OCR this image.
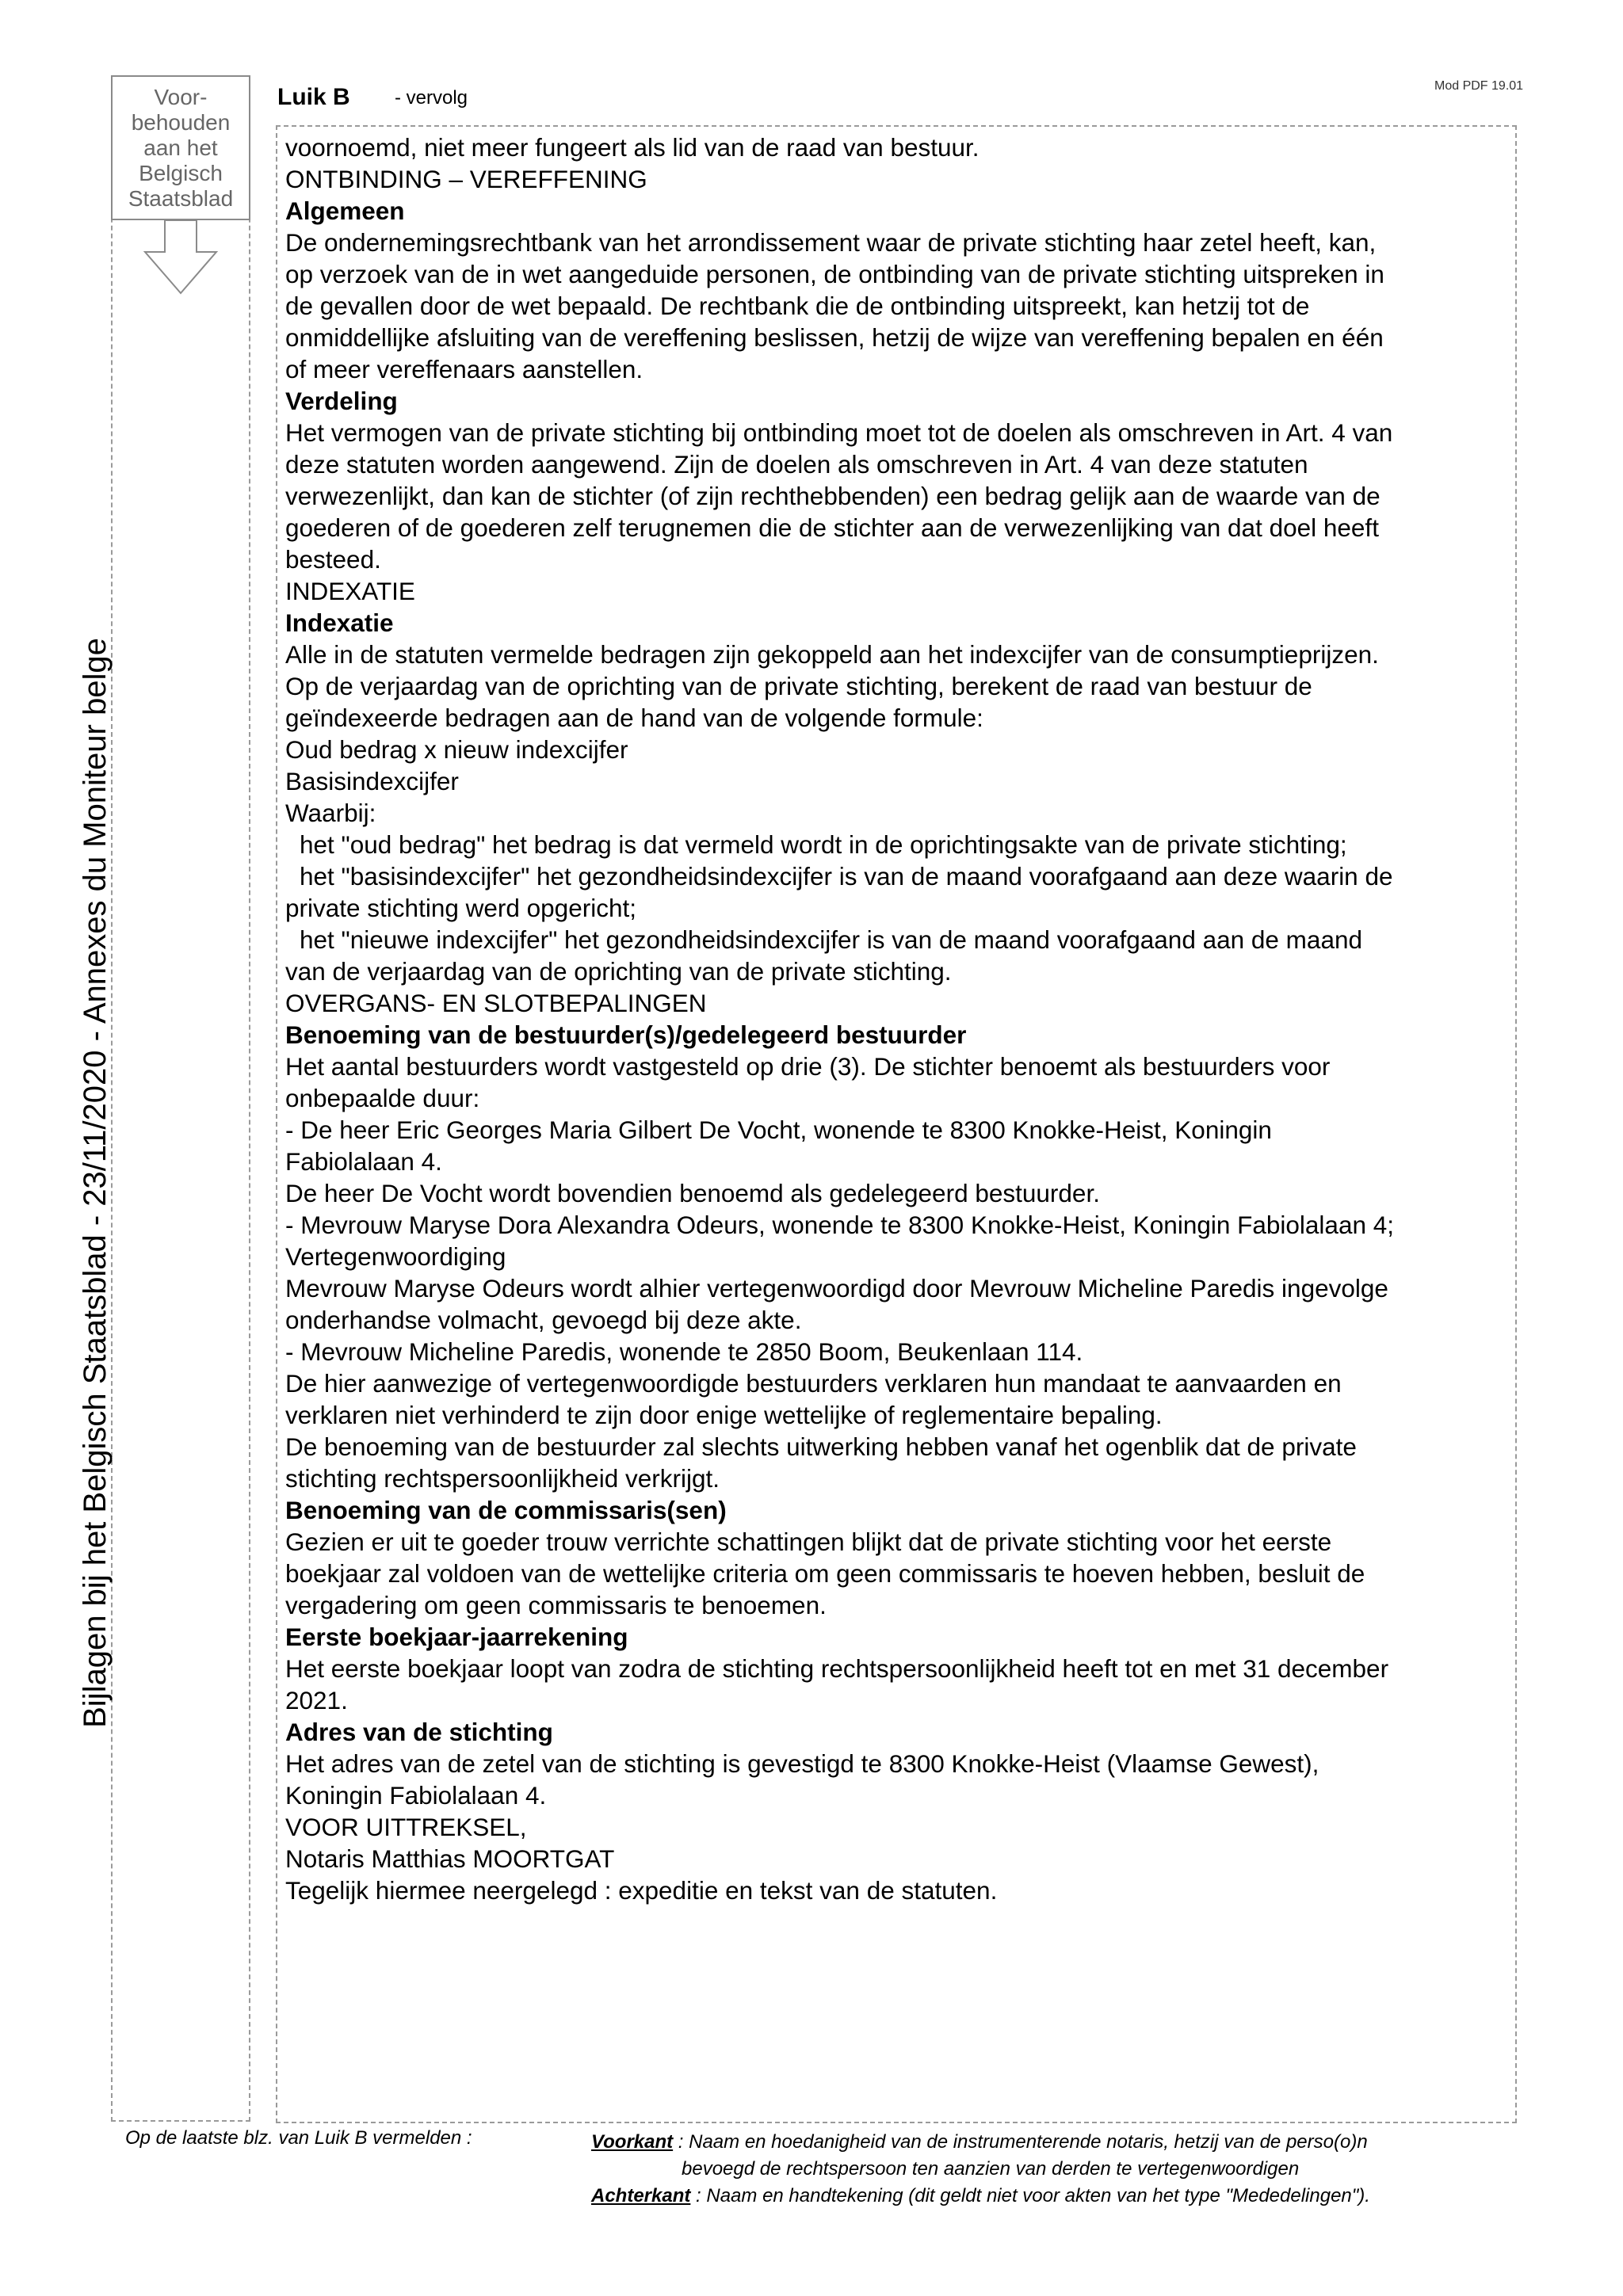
Voor-
behouden
aan het
Belgisch
Staatsblad
Bijlagen bij het Belgisch Staatsblad - 23/11/2020 - Annexes du Moniteur belge
Luik B - vervolg
Mod PDF 19.01
voornoemd, niet meer fungeert als lid van de raad van bestuur.
ONTBINDING – VEREFFENING
Algemeen
De ondernemingsrechtbank van het arrondissement waar de private stichting haar zetel heeft, kan,
op verzoek van de in wet aangeduide personen, de ontbinding van de private stichting uitspreken in
de gevallen door de wet bepaald. De rechtbank die de ontbinding uitspreekt, kan hetzij tot de
onmiddellijke afsluiting van de vereffening beslissen, hetzij de wijze van vereffening bepalen en één
of meer vereffenaars aanstellen.
Verdeling
Het vermogen van de private stichting bij ontbinding moet tot de doelen als omschreven in Art. 4 van
deze statuten worden aangewend. Zijn de doelen als omschreven in Art. 4 van deze statuten
verwezenlijkt, dan kan de stichter (of zijn rechthebbenden) een bedrag gelijk aan de waarde van de
goederen of de goederen zelf terugnemen die de stichter aan de verwezenlijking van dat doel heeft
besteed.
INDEXATIE
Indexatie
Alle in de statuten vermelde bedragen zijn gekoppeld aan het indexcijfer van de consumptieprijzen.
Op de verjaardag van de oprichting van de private stichting, berekent de raad van bestuur de
geïndexeerde bedragen aan de hand van de volgende formule:
Oud bedrag x nieuw indexcijfer
Basisindexcijfer
Waarbij:
het "oud bedrag" het bedrag is dat vermeld wordt in de oprichtingsakte van de private stichting;
het "basisindexcijfer" het gezondheidsindexcijfer is van de maand voorafgaand aan deze waarin de
private stichting werd opgericht;
het "nieuwe indexcijfer" het gezondheidsindexcijfer is van de maand voorafgaand aan de maand
van de verjaardag van de oprichting van de private stichting.
OVERGANS- EN SLOTBEPALINGEN
Benoeming van de bestuurder(s)/gedelegeerd bestuurder
Het aantal bestuurders wordt vastgesteld op drie (3). De stichter benoemt als bestuurders voor
onbepaalde duur:
- De heer Eric Georges Maria Gilbert De Vocht, wonende te 8300 Knokke-Heist, Koningin
Fabiolalaan 4.
De heer De Vocht wordt bovendien benoemd als gedelegeerd bestuurder.
- Mevrouw Maryse Dora Alexandra Odeurs, wonende te 8300 Knokke-Heist, Koningin Fabiolalaan 4;
Vertegenwoordiging
Mevrouw Maryse Odeurs wordt alhier vertegenwoordigd door Mevrouw Micheline Paredis ingevolge
onderhandse volmacht, gevoegd bij deze akte.
- Mevrouw Micheline Paredis, wonende te 2850 Boom, Beukenlaan 114.
De hier aanwezige of vertegenwoordigde bestuurders verklaren hun mandaat te aanvaarden en
verklaren niet verhinderd te zijn door enige wettelijke of reglementaire bepaling.
De benoeming van de bestuurder zal slechts uitwerking hebben vanaf het ogenblik dat de private
stichting rechtspersoonlijkheid verkrijgt.
Benoeming van de commissaris(sen)
Gezien er uit te goeder trouw verrichte schattingen blijkt dat de private stichting voor het eerste
boekjaar zal voldoen van de wettelijke criteria om geen commissaris te hoeven hebben, besluit de
vergadering om geen commissaris te benoemen.
Eerste boekjaar-jaarrekening
Het eerste boekjaar loopt van zodra de stichting rechtspersoonlijkheid heeft tot en met 31 december
2021.
Adres van de stichting
Het adres van de zetel van de stichting is gevestigd te 8300 Knokke-Heist (Vlaamse Gewest),
Koningin Fabiolalaan 4.
VOOR UITTREKSEL,
Notaris Matthias MOORTGAT
Tegelijk hiermee neergelegd : expeditie en tekst van de statuten.
Op de laatste blz. van Luik B vermelden :	Voorkant : Naam en hoedanigheid van de instrumenterende notaris, hetzij van de perso(o)n
bevoegd de rechtspersoon ten aanzien van derden te vertegenwoordigen
Achterkant : Naam en handtekening (dit geldt niet voor akten van het type "Mededelingen").
